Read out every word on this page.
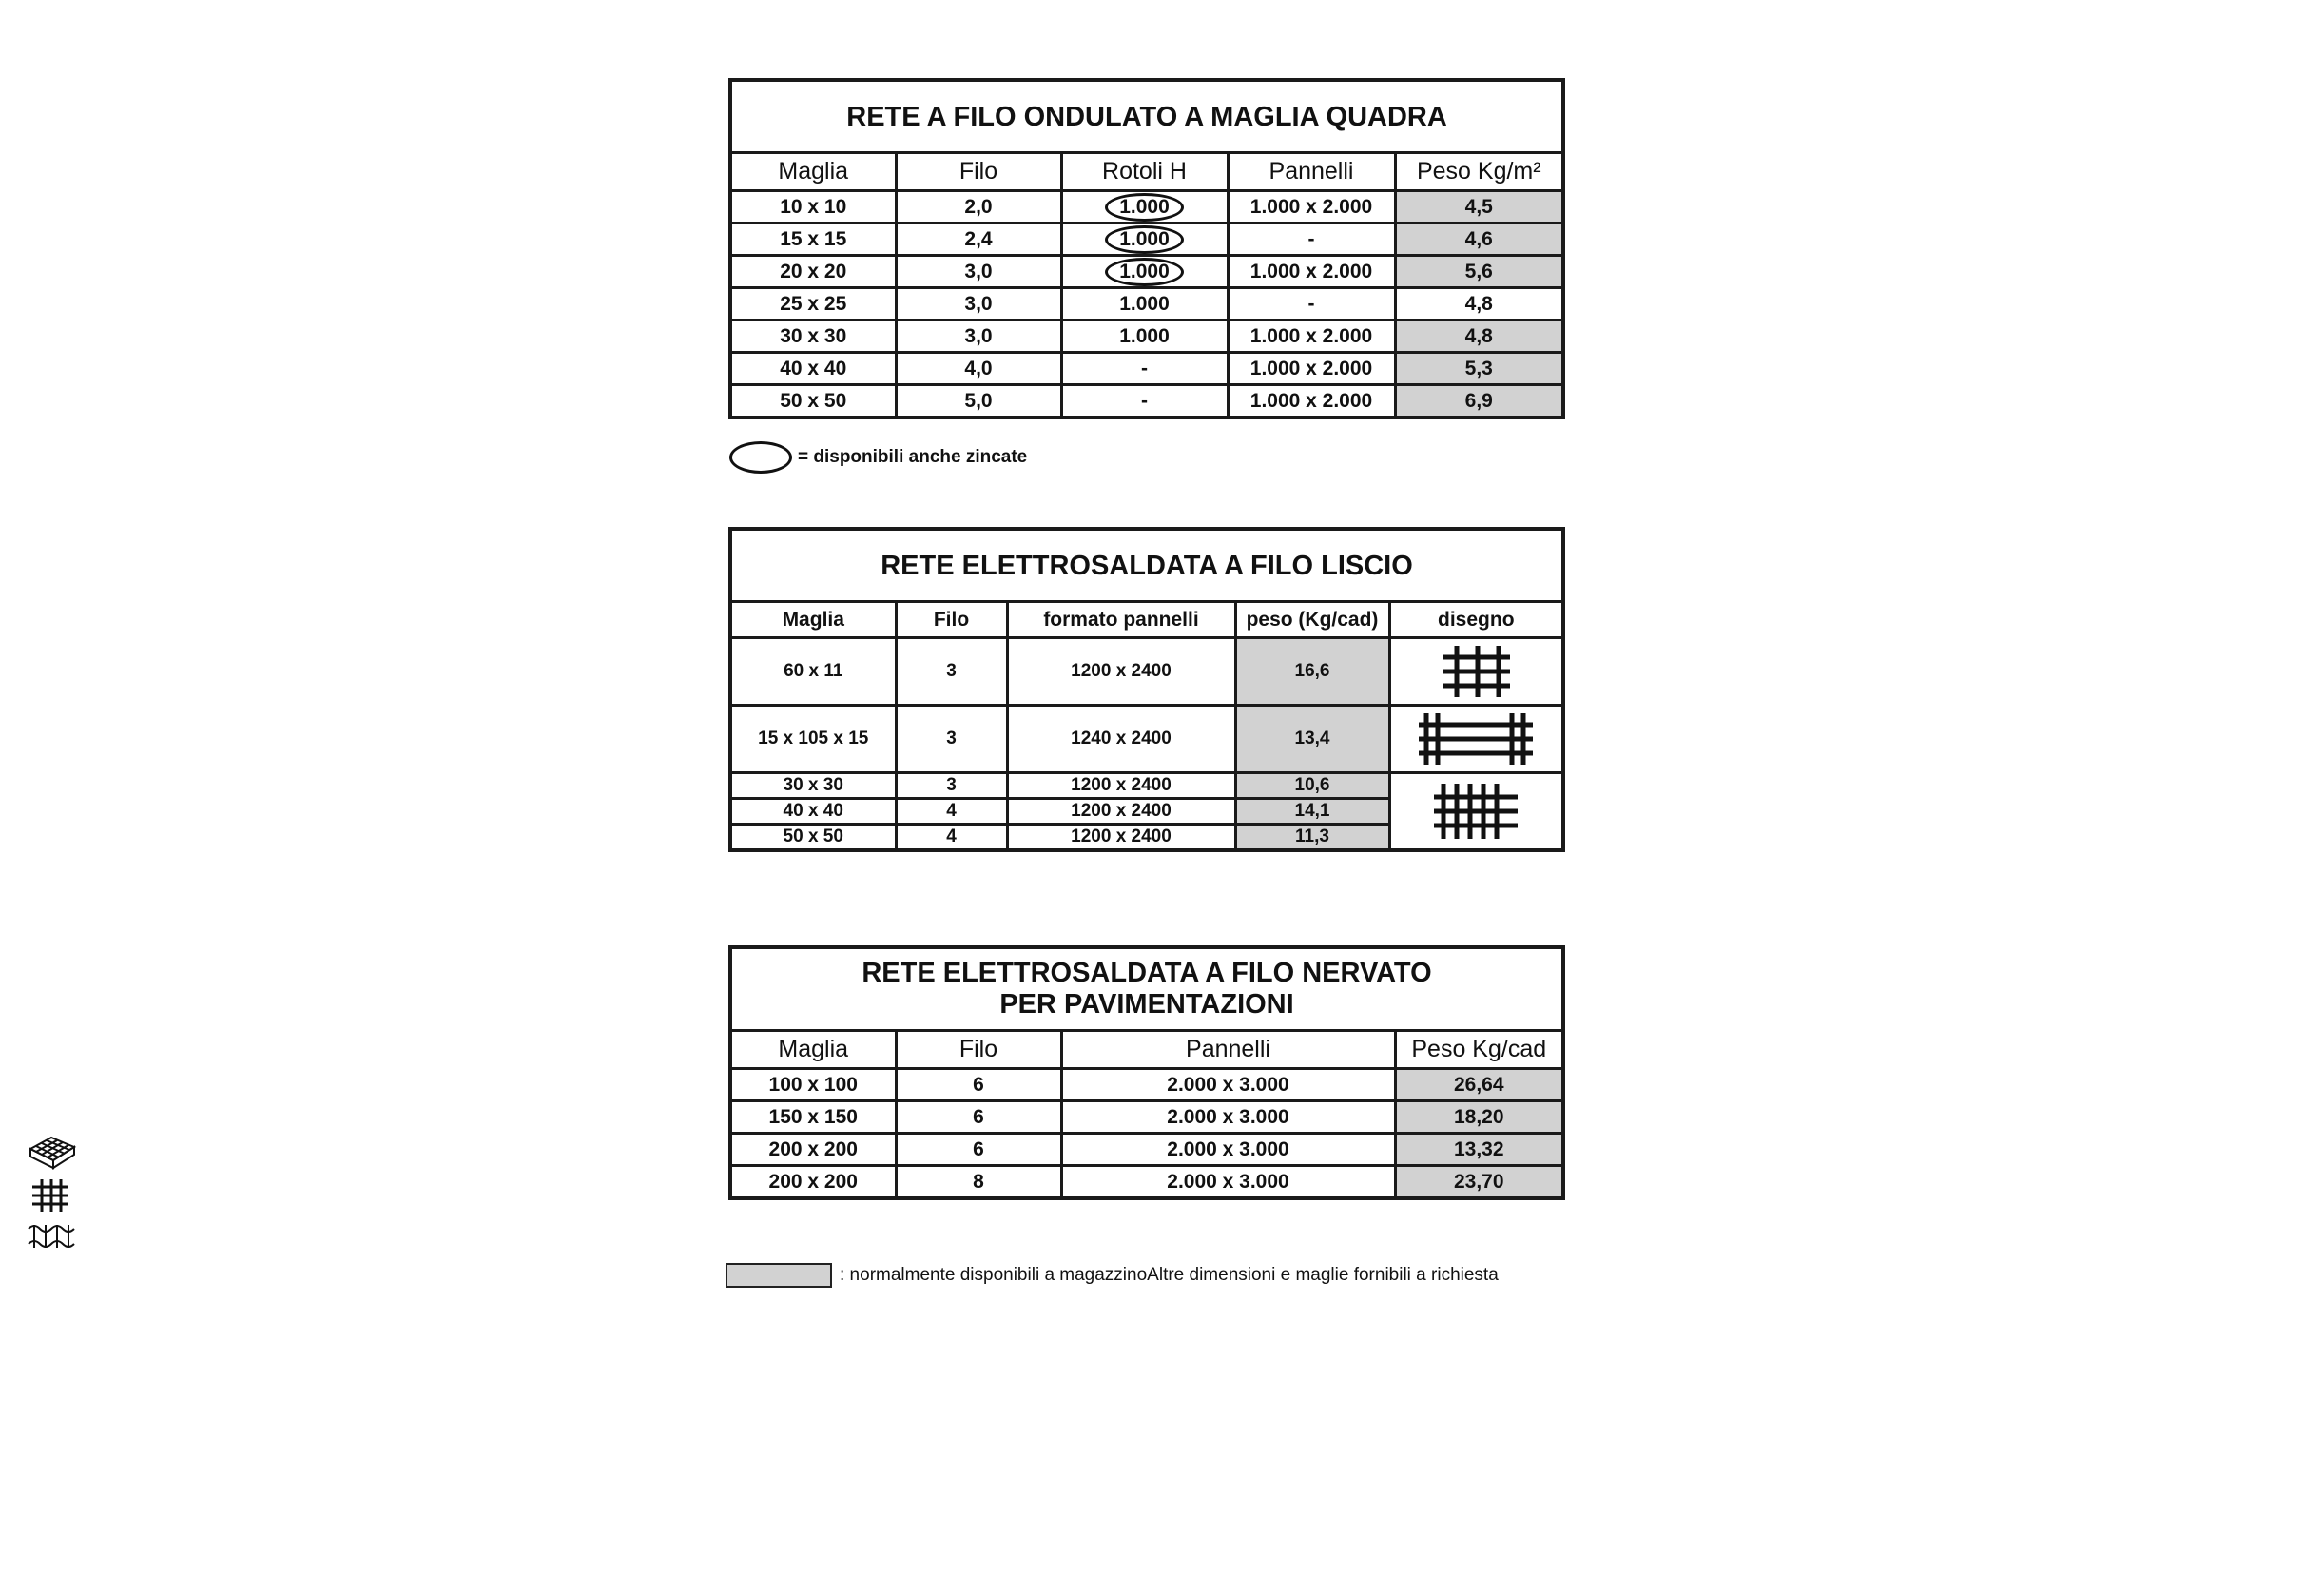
RETE A FILO ONDULATO A MAGLIA QUADRA				
Maglia	Filo	Rotoli H	Pannelli	Peso Kg/m²
10 x 10	2,0	1.000	1.000 x 2.000	4,5
15 x 15	2,4	1.000	-	4,6
20 x 20	3,0	1.000	1.000 x 2.000	5,6
25 x 25	3,0	1.000	-	4,8
30 x 30	3,0	1.000	1.000 x 2.000	4,8
40 x 40	4,0	-	1.000 x 2.000	5,3
50 x 50	5,0	-	1.000 x 2.000	6,9
= disponibili anche zincate
RETE ELETTROSALDATA A FILO LISCIO				
Maglia	Filo	formato pannelli	peso (Kg/cad)	disegno
60 x 11	3	1200 x 2400	16,6	

15 x 105 x 15	3	1240 x 2400	13,4	

30 x 30	3	1200 x 2400	10,6	

40 x 40	4	1200 x 2400	14,1	
50 x 50	4	1200 x 2400	11,3	
RETE ELETTROSALDATA A FILO NERVATO
PER PAVIMENTAZIONI			

Maglia	Filo	Pannelli	Peso Kg/cad
100 x 100	6	2.000 x 3.000	26,64
150 x 150	6	2.000 x 3.000	18,20
200 x 200	6	2.000 x 3.000	13,32
200 x 200	8	2.000 x 3.000	23,70
: normalmente disponibili a magazzino Altre dimensioni e maglie fornibili a richiesta
